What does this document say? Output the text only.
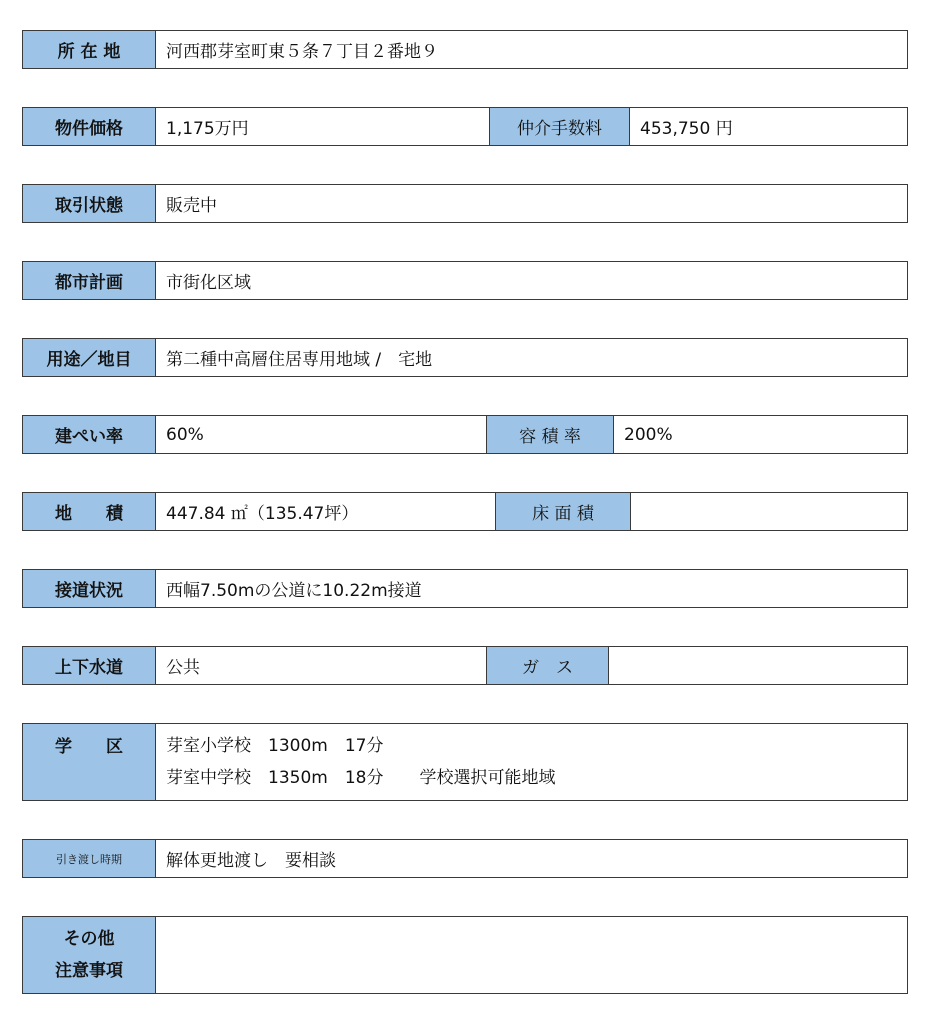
所 在 地	河西郡芽室町東５条７丁目２番地９
物件価格	1,175万円	仲介手数料	453,750 円
取引状態	販売中
都市計画	市街化区域
用途／地目	第二種中高層住居専用地域 /　宅地
建ぺい率	60%	容 積 率	200%
地　　積	447.84 ㎡（135.47坪）	床 面 積
接道状況	西幅7.50mの公道に10.22m接道
上下水道	公共	ガ　ス
学　　区	芽室小学校　1300m　17分
芽室中学校　1350m　18分 学校選択可能地域
引き渡し時期	解体更地渡し　要相談
その他
注意事項
